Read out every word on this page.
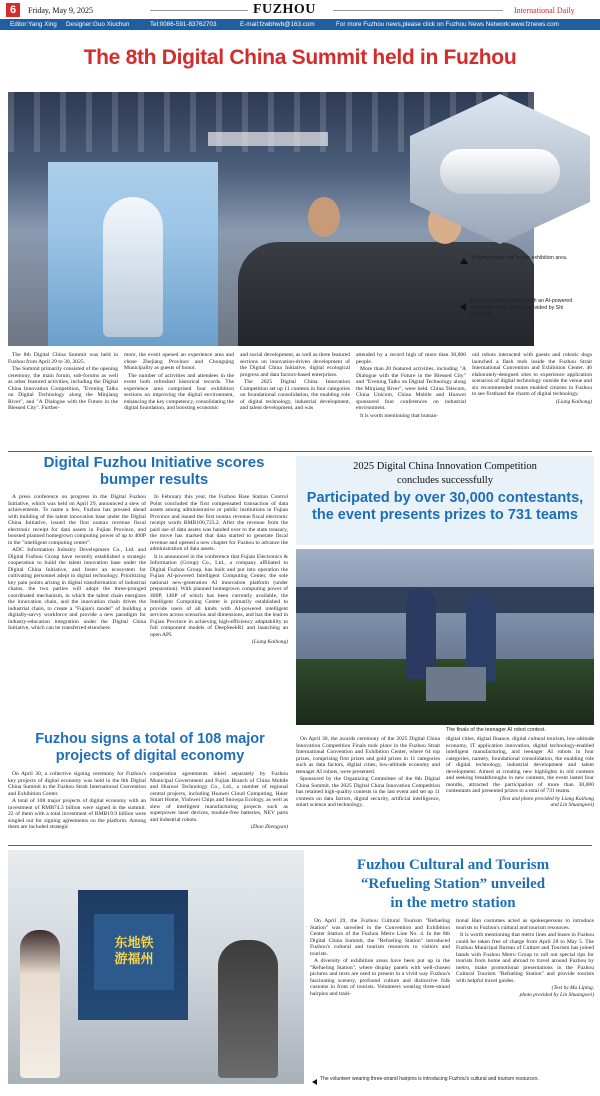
6	Friday, May 9, 2025	FUZHOU	International Daily
Editor:Yang Xing Designer:Guo Xiuchun	Tel:0086-591-83762703	E-mail:fzwbhwb@163.com	For more Fuzhou news,please click on Fuzhou News Network:www.fznews.com
The 8th Digital China Summit held in Fuzhou
"A flying sports car" in the exhibition area.
Fuzhou citizens interact with an AI-powered humanoid robot. (Photo provided by Shi Meixiang)

The 8th Digital China Summit was held in Fuzhou from April 29 to 30, 2025.

The Summit primarily consisted of the opening ceremony, the main forum, sub-forums as well as other featured activities, including the Digital China Innovation Competition, "Evening Talks on Digital Technology along the Minjiang River", and "A Dialogue with the Future in the Blessed City". Further-

more, the event opened an experience area and chose Zhejiang Province and Chongqing Municipality as guests of honor.

The number of activities and attendees in the event both refreshed historical records. The experience area comprised four exhibition sections on improving the digital environment, enhancing the key competency, consolidating the digital foundation, and boosting economic

and social development, as well as three featured sections on innovation-driven development of the Digital China Initiative, digital ecological progress and data factors-based enterprises.

The 2025 Digital China Innovation Competition set up 11 contests in four categories on foundational consolidation, the enabling role of digital technology, industrial development, and talent development, and was

attended by a record high of more than 30,000 people.

More than 20 featured activities, including "A Dialogue with the Future in the Blessed City" and "Evening Talks on Digital Technology along the Minjiang River", were held. China Telecom, China Unicom, China Mobile and Huawei sponsored four conferences on industrial environment.

It is worth mentioning that human-

oid robots interacted with guests and robotic dogs launched a flash mob inside the Fuzhou Strait International Convention and Exhibition Center. 46 elaborately-designed sites to experience application scenarios of digital technology outside the venue and six recommended routes enabled citizens in Fuzhou to see firsthand the charm of digital technology.

(Liang Kaihong)
Digital Fuzhou Initiative scores bumper results

A press conference on progress in the Digital Fuzhou Initiative, which was held on April 29, announced a slew of achievements. To name a few, Fuzhou has pressed ahead with building of the talent innovation base under the Digital China Initiative, issued the first nontax revenue fiscal electronic receipt for data assets in Fujian Province, and boosted planned homegrown computing power of up to 400P in the "intelligent computing center".

ADC Information Industry Development Co., Ltd. and Digital Fuzhou Group have recently established a strategic cooperation to build the talent innovation base under the Digital China Initiative, and foster an ecosystem for cultivating personnel adept in digital technology. Prioritizing key pain points arising in digital transformation of industrial chains, the two parties will adopt the three-pronged coordinated mechanism, in which the talent chain energizes the innovation chain, and the innovation chain drives the industrial chain, to create a "Fujian's model" of building a digitally-savvy workforce and provide a new paradigm for industry-education integration under the Digital China Initiative, which can be transferred elsewhere.

In February this year, the Fuzhou Base Station Control Point concluded the first compensated transaction of data assets among administrative or public institutions in Fujian Province and issued the first nontax revenue fiscal electronic receipt worth RMB100,723.2. After the revenue from the paid use of data assets was handed over to the state treasury, the move has marked that data started to generate fiscal revenue and opened a new chapter for Fuzhou to advance the administration of data assets.

It is announced in the conference that Fujian Electronics & Information (Group) Co., Ltd., a company affiliated to Digital Fuzhou Group, has built and put into operation the Fujian AI-powered Intelligent Computing Center, the sole national new-generation AI innovation platform (under preparation). With planned homegrown computing power of 400P, 140P of which has been currently available, the Intelligent Computing Center is primarily established to provide users of all kinds with AI-powered intelligent services across scenarios and dimensions, and has the lead in Fujian Province in achieving high-efficiency adaptability to full component models of DeepSeekR1 and launching an open API.

(Liang Kaihong)
2025 Digital China Innovation Competition
concludes successfully
Participated by over 30,000 contestants, the event presents prizes to 731 teams
The finals of the teenager AI robot contest.

On April 30, the awards ceremony of the 2025 Digital China Innovation Competition Finals took place in the Fuzhou Strait International Convention and Exhibition Center, where 64 top prizes, comprising first prizes and gold prizes in 11 categories such as data factors, digital cities, low-altitude economy and teenager AI robots, were presented.

Sponsored by the Organizing Committee of the 8th Digital China Summit, the 2025 Digital China Innovation Competition has retained high-quality contests in the last event and set up 11 contests on data factors, digital security, artificial intelligence, smart science and technology,

digital cities, digital finance, digital cultural tourism, low-altitude economy, IT application innovation, digital technology-enabled intelligent manufacturing, and teenager AI robots in four categories, namely, foundational consolidation, the enabling role of digital technology, industrial development and talent development. Aimed at creating new highlights in old contests and seeking breakthroughs in new contests, the event lasted four months, attracted the participation of more than 30,000 contestants and presented prizes to a total of 731 teams.

(Text and photo provided by Liang Kaihong
and Lin Shuangwei)
Fuzhou signs a total of 108 major projects of digital economy

On April 30, a collective signing ceremony for Fuzhou's key projects of digital economy was held in the 8th Digital China Summit in the Fuzhou Strait International Convention and Exhibition Center.

A total of 108 major projects of digital economy with an investment of RMB74.3 billion were signed in the summit. 22 of them with a total investment of RMB19.9 billion were singled out for signing agreements on the platform. Among them are included strategic

cooperation agreements inked separately by Fuzhou Municipal Government and Fujian Branch of China Mobile and Huawei Technology Co., Ltd., a number of regional central projects, including Huawei Cloud Computing, Haier Smart Home, Yinhwei Chips and Snowpa Ecology, as well as slew of intelligent manufacturing projects such as superpower laser devices, module-free batteries, NEV parts and industrial robots.

(Zhao Zhengyan)

东地铁
游福州

Fuzhou Cultural and Tourism
“Refueling Station” unveiled
in the metro station

On April 29, the Fuzhou Cultural Tourism "Refueling Station" was unveiled in the Convention and Exhibition Center Station of the Fuzhou Metro Line No. 4. In the 8th Digital China Summit, the "Refueling Station" introduced Fuzhou's cultural and tourism resources to visitors and tourists.

A diversity of exhibition areas have been put up in the "Refueling Station", where display panels with well-chosen pictures and texts are used to present in a vivid way Fuzhou's fascinating scenery, profound culture and distinctive folk customs in front of tourists. Volunteers wearing three-strand hairpins and tradi-

tional Han costumes acted as spokespersons to introduce tourists to Fuzhou's cultural and tourism resources.

It is worth mentioning that metro lines and buses in Fuzhou could be taken free of charge from April 28 to May 5. The Fuzhou Municipal Bureau of Culture and Tourism has joined hands with Fuzhou Metro Group to roll out special tips for tourists from home and abroad to travel around Fuzhou by metro, make promotional presentations in the Fuzhou Cultural Tourism "Refueling Station" and provide tourists with helpful travel guides.

(Text by Ma Liping,
photo provided by Lin Shuangwei)
The volunteer wearing three-strand hairpins is introducing Fuzhou's cultural and tourism resources.
